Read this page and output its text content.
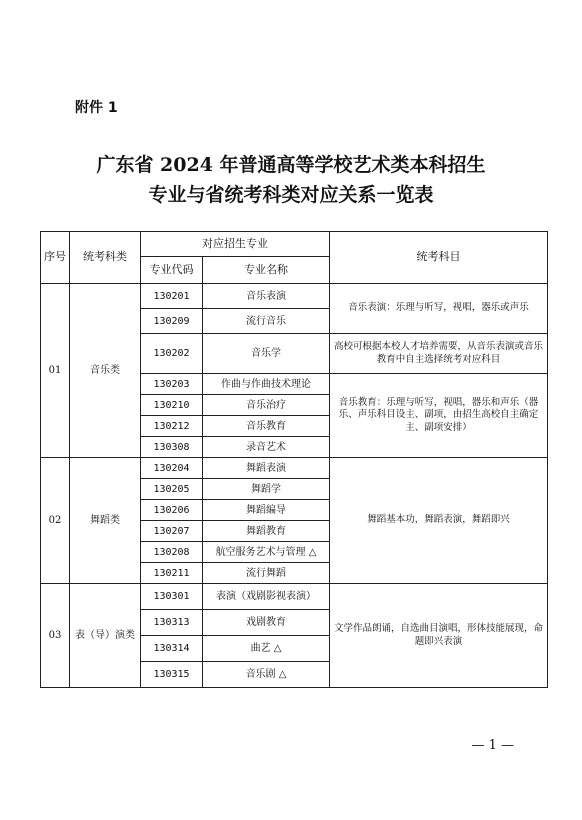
附件 1
广东省 2024 年普通高等学校艺术类本科招生
专业与省统考科类对应关系一览表
序号	统考科类	对应招生专业		统考科目
		专业代码	专业名称	
01	音乐类	130201	音乐表演	音乐表演：乐理与听写，视唱，器乐或声乐
		130209	流行音乐	
		130202	音乐学	高校可根据本校人才培养需要，从音乐表演或音乐教育中自主选择统考对应科目
		130203	作曲与作曲技术理论	音乐教育：乐理与听写，视唱，器乐和声乐（器乐、声乐科目设主、副项，由招生高校自主确定主、副项安排）
		130210	音乐治疗	
		130212	音乐教育	
		130308	录音艺术	
02	舞蹈类	130204	舞蹈表演	舞蹈基本功，舞蹈表演，舞蹈即兴
		130205	舞蹈学	
		130206	舞蹈编导	
		130207	舞蹈教育	
		130208	航空服务艺术与管理 △	
		130211	流行舞蹈	
03	表（导）演类	130301	表演（戏剧影视表演）	文学作品朗诵，自选曲目演唱，形体技能展现，命题即兴表演
		130313	戏剧教育	
		130314	曲艺 △	
		130315	音乐剧 △	
— 1 —
